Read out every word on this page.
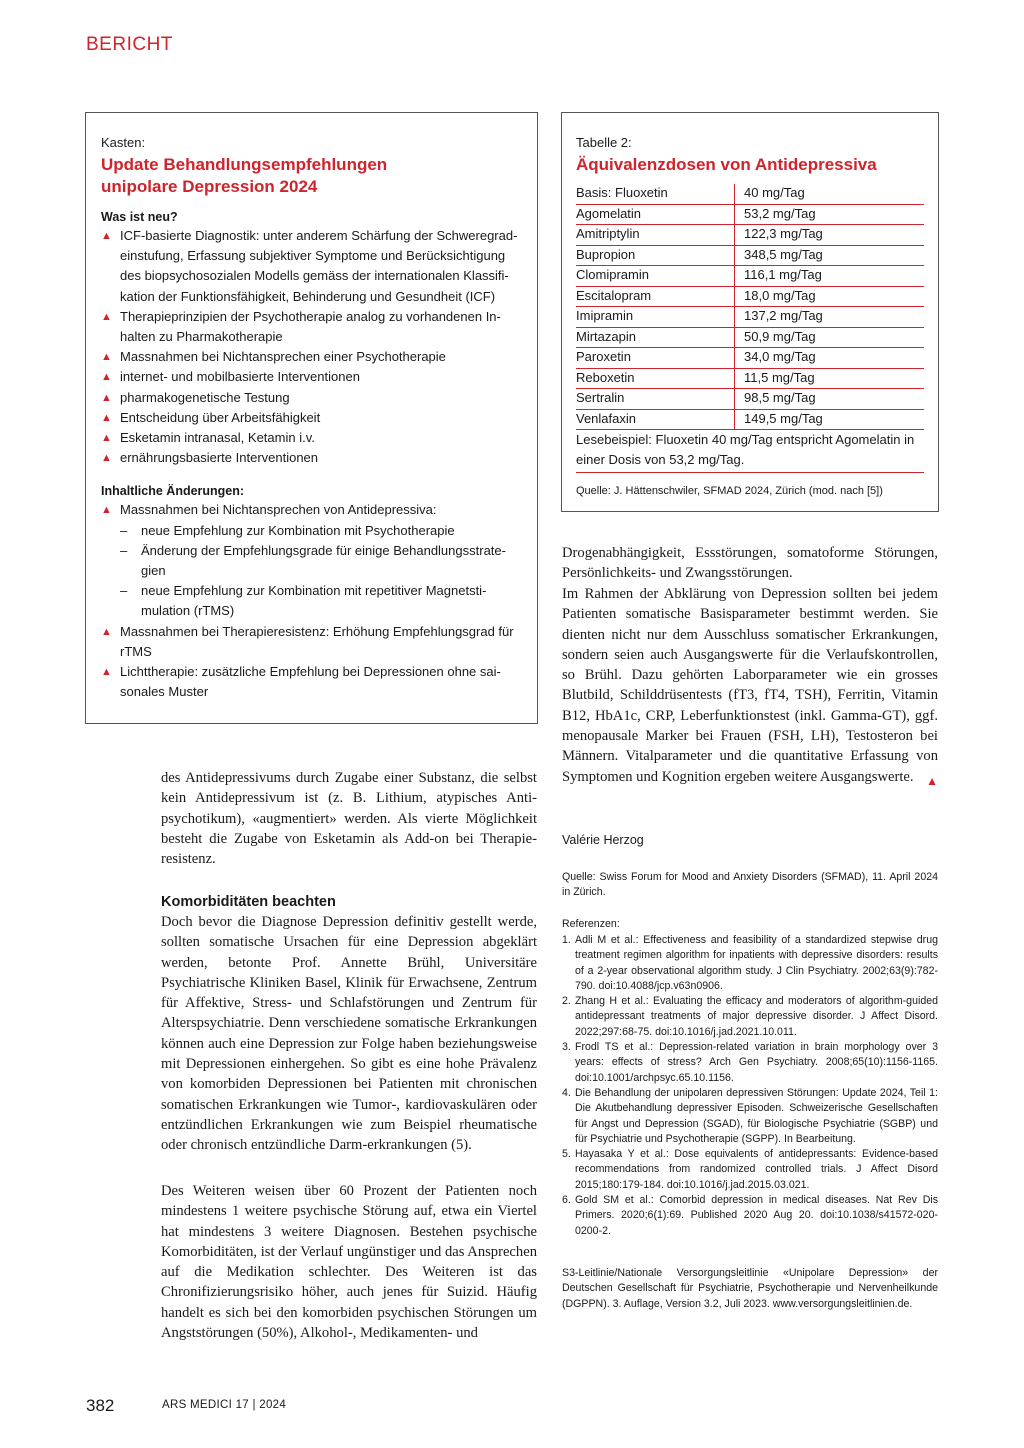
BERICHT
Kasten:
Update Behandlungsempfehlungen
unipolare Depression 2024
Was ist neu?
▲ ICF-basierte Diagnostik: unter anderem Schärfung der Schweregrad-einstufung, Erfassung subjektiver Symptome und Berücksichtigung des biopsychosozialen Modells gemäss der internationalen Klassifi-kation der Funktionsfähigkeit, Behinderung und Gesundheit (ICF)
▲ Therapieprinzipien der Psychotherapie analog zu vorhandenen In-halten zu Pharmakotherapie
▲ Massnahmen bei Nichtansprechen einer Psychotherapie
▲ internet- und mobilbasierte Interventionen
▲ pharmakogenetische Testung
▲ Entscheidung über Arbeitsfähigkeit
▲ Esketamin intranasal, Ketamin i.v.
▲ ernährungsbasierte Interventionen
Inhaltliche Änderungen:
▲ Massnahmen bei Nichtansprechen von Antidepressiva:
– neue Empfehlung zur Kombination mit Psychotherapie
– Änderung der Empfehlungsgrade für einige Behandlungsstrate-gien
– neue Empfehlung zur Kombination mit repetitiver Magnetsti-mulation (rTMS)
▲ Massnahmen bei Therapieresistenz: Erhöhung Empfehlungsgrad für rTMS
▲ Lichttherapie: zusätzliche Empfehlung bei Depressionen ohne sai-sonales Muster
Tabelle 2:
Äquivalenzdosen von Antidepressiva
Basis: Fluoxetin	40 mg/Tag
Agomelatin	53,2 mg/Tag
Amitriptylin	122,3 mg/Tag
Bupropion	348,5 mg/Tag
Clomipramin	116,1 mg/Tag
Escitalopram	18,0 mg/Tag
Imipramin	137,2 mg/Tag
Mirtazapin	50,9 mg/Tag
Paroxetin	34,0 mg/Tag
Reboxetin	11,5 mg/Tag
Sertralin	98,5 mg/Tag
Venlafaxin	149,5 mg/Tag
Lesebeispiel: Fluoxetin 40 mg/Tag entspricht Agomelatin in einer Dosis von 53,2 mg/Tag.
Quelle: J. Hättenschwiler, SFMAD 2024, Zürich (mod. nach [5])
des Antidepressivums durch Zugabe einer Substanz, die selbst kein Antidepressivum ist (z. B. Lithium, atypisches Anti-psychotikum), «augmentiert» werden. Als vierte Möglichkeit besteht die Zugabe von Esketamin als Add-on bei Therapie-resistenz.
Komorbiditäten beachten
Doch bevor die Diagnose Depression definitiv gestellt werde, sollten somatische Ursachen für eine Depression abgeklärt werden, betonte Prof. Annette Brühl, Universitäre Psychiatrische Kliniken Basel, Klinik für Erwachsene, Zentrum für Affektive, Stress- und Schlafstörungen und Zentrum für Alterspsychiatrie. Denn verschiedene somatische Erkrankungen können auch eine Depression zur Folge haben beziehungsweise mit Depressionen einhergehen. So gibt es eine hohe Prävalenz von komorbiden Depressionen bei Patienten mit chronischen somatischen Erkrankungen wie Tumor-, kardiovaskulären oder entzündlichen Erkrankungen wie zum Beispiel rheumatische oder chronisch entzündliche Darm-erkrankungen (5).
Des Weiteren weisen über 60 Prozent der Patienten noch mindestens 1 weitere psychische Störung auf, etwa ein Viertel hat mindestens 3 weitere Diagnosen. Bestehen psychische Komorbiditäten, ist der Verlauf ungünstiger und das Ansprechen auf die Medikation schlechter. Des Weiteren ist das Chronifizierungsrisiko höher, auch jenes für Suizid. Häufig handelt es sich bei den komorbiden psychischen Störungen um Angststörungen (50%), Alkohol-, Medikamenten- und
Drogenabhängigkeit, Essstörungen, somatoforme Störungen, Persönlichkeits- und Zwangsstörungen.
Im Rahmen der Abklärung von Depression sollten bei jedem Patienten somatische Basisparameter bestimmt werden. Sie dienten nicht nur dem Ausschluss somatischer Erkrankungen, sondern seien auch Ausgangswerte für die Verlaufskontrollen, so Brühl. Dazu gehörten Laborparameter wie ein grosses Blutbild, Schilddrüsentests (fT3, fT4, TSH), Ferritin, Vitamin B12, HbA1c, CRP, Leberfunktionstest (inkl. Gamma-GT), ggf. menopausale Marker bei Frauen (FSH, LH), Testosteron bei Männern. Vitalparameter und die quantitative Erfassung von Symptomen und Kognition ergeben weitere Ausgangswerte. ▲
Valérie Herzog
Quelle: Swiss Forum for Mood and Anxiety Disorders (SFMAD), 11. April 2024 in Zürich.
Referenzen:
1. Adli M et al.: Effectiveness and feasibility of a standardized stepwise drug treatment regimen algorithm for inpatients with depressive disorders: results of a 2-year observational algorithm study. J Clin Psychiatry. 2002;63(9):782-790. doi:10.4088/jcp.v63n0906.
2. Zhang H et al.: Evaluating the efficacy and moderators of algorithm-guided antidepressant treatments of major depressive disorder. J Affect Disord. 2022;297:68-75. doi:10.1016/j.jad.2021.10.011.
3. Frodl TS et al.: Depression-related variation in brain morphology over 3 years: effects of stress? Arch Gen Psychiatry. 2008;65(10):1156-1165. doi:10.1001/archpsyc.65.10.1156.
4. Die Behandlung der unipolaren depressiven Störungen: Update 2024, Teil 1: Die Akutbehandlung depressiver Episoden. Schweizerische Gesellschaften für Angst und Depression (SGAD), für Biologische Psychiatrie (SGBP) und für Psychiatrie und Psychotherapie (SGPP). In Bearbeitung.
5. Hayasaka Y et al.: Dose equivalents of antidepressants: Evidence-based recommendations from randomized controlled trials. J Affect Disord 2015;180:179-184. doi:10.1016/j.jad.2015.03.021.
6. Gold SM et al.: Comorbid depression in medical diseases. Nat Rev Dis Primers. 2020;6(1):69. Published 2020 Aug 20. doi:10.1038/s41572-020-0200-2.
S3-Leitlinie/Nationale Versorgungsleitlinie «Unipolare Depression» der Deutschen Gesellschaft für Psychiatrie, Psychotherapie und Nervenheilkunde (DGPPN). 3. Auflage, Version 3.2, Juli 2023. www.versorgungsleitlinien.de.
382	ARS MEDICI 17 | 2024
